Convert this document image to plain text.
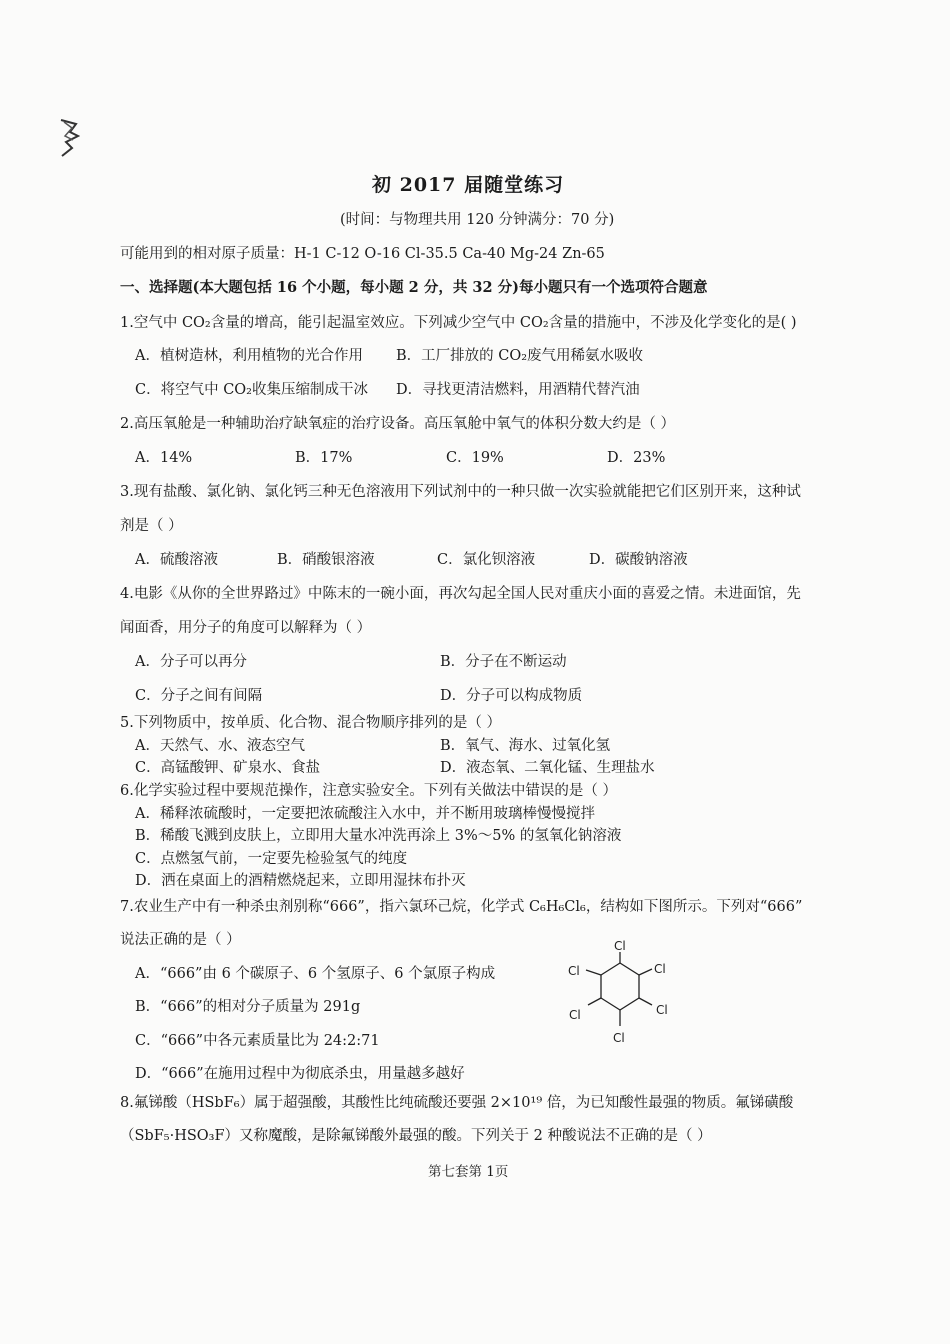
初 2017 届随堂练习
(时间：与物理共用 120 分钟满分：70 分)
可能用到的相对原子质量：H-1 C-12 O-16 Cl-35.5 Ca-40 Mg-24 Zn-65
一、选择题(本大题包括 16 个小题，每小题 2 分，共 32 分)每小题只有一个选项符合题意
1.空气中 CO₂含量的增高，能引起温室效应。下列减少空气中 CO₂含量的措施中，不涉及化学变化的是( )
A．植树造林，利用植物的光合作用 B．工厂排放的 CO₂废气用稀氨水吸收
C．将空气中 CO₂收集压缩制成干冰 D．寻找更清洁燃料，用酒精代替汽油
2.高压氧舱是一种辅助治疗缺氧症的治疗设备。高压氧舱中氧气的体积分数大约是（ ）
A．14%	B．17%	C．19%	D．23%
3.现有盐酸、氯化钠、氯化钙三种无色溶液用下列试剂中的一种只做一次实验就能把它们区别开来，这种试
剂是（ ）
A．硫酸溶液	B．硝酸银溶液	C．氯化钡溶液	D．碳酸钠溶液
4.电影《从你的全世界路过》中陈末的一碗小面，再次勾起全国人民对重庆小面的喜爱之情。未进面馆，先
闻面香，用分子的角度可以解释为（ ）
A．分子可以再分	B．分子在不断运动
C．分子之间有间隔	D．分子可以构成物质
5.下列物质中，按单质、化合物、混合物顺序排列的是（ ）
A．天然气、水、液态空气	B．氧气、海水、过氧化氢
C．高锰酸钾、矿泉水、食盐	D．液态氧、二氧化锰、生理盐水
6.化学实验过程中要规范操作，注意实验安全。下列有关做法中错误的是（ ）
A．稀释浓硫酸时，一定要把浓硫酸注入水中，并不断用玻璃棒慢慢搅拌
B．稀酸飞溅到皮肤上，立即用大量水冲洗再涂上 3%～5% 的氢氧化钠溶液
C．点燃氢气前，一定要先检验氢气的纯度
D．洒在桌面上的酒精燃烧起来，立即用湿抹布扑灭
7.农业生产中有一种杀虫剂别称“666”，指六氯环己烷，化学式 C₆H₆Cl₆，结构如下图所示。下列对“666”
说法正确的是（ ）
A．“666”由 6 个碳原子、6 个氢原子、6 个氯原子构成
B．“666”的相对分子质量为 291g
C．“666”中各元素质量比为 24:2:71
D．“666”在施用过程中为彻底杀虫，用量越多越好
Cl
Cl	Cl
Cl	Cl
Cl
8.氟锑酸（HSbF₆）属于超强酸，其酸性比纯硫酸还要强 2×10¹⁹ 倍，为已知酸性最强的物质。氟锑磺酸
（SbF₅·HSO₃F）又称魔酸，是除氟锑酸外最强的酸。下列关于 2 种酸说法不正确的是（ ）
第七套第 1页
